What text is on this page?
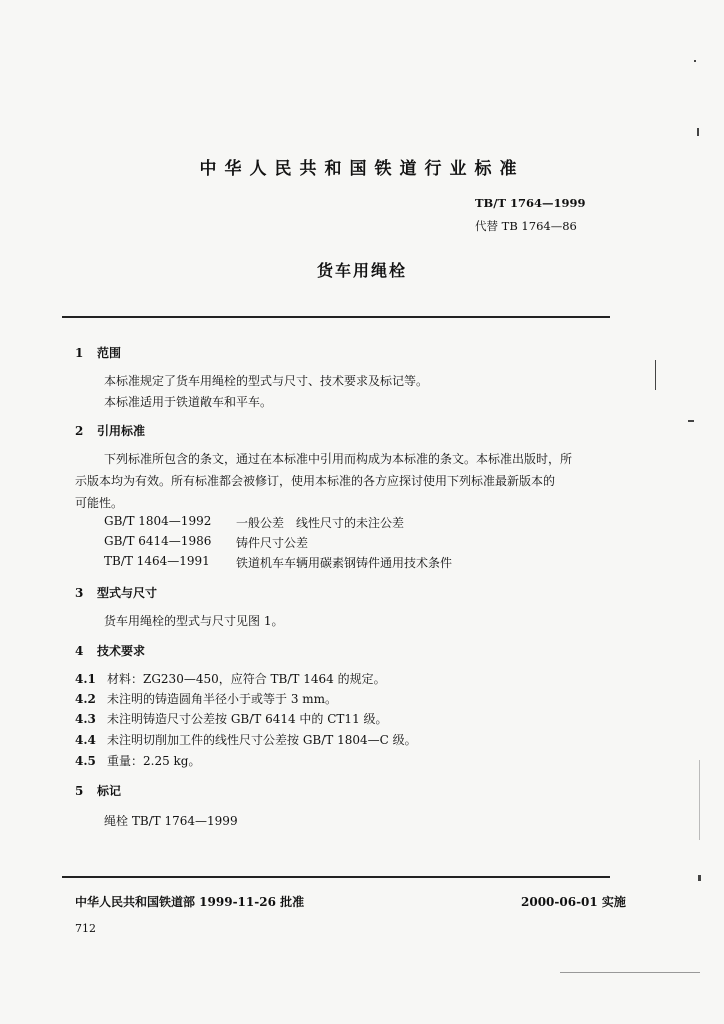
中华人民共和国铁道行业标准
TB/T 1764—1999
代替 TB 1764—86
货车用绳栓
1 范围
本标准规定了货车用绳栓的型式与尺寸、技术要求及标记等。
本标准适用于铁道敞车和平车。
2 引用标准
下列标准所包含的条文，通过在本标准中引用而构成为本标准的条文。本标准出版时，所
示版本均为有效。所有标准都会被修订，使用本标准的各方应探讨使用下列标准最新版本的
可能性。
GB/T 1804—1992 一般公差　线性尺寸的未注公差
GB/T 6414—1986 铸件尺寸公差
TB/T 1464—1991 铁道机车车辆用碳素钢铸件通用技术条件
3 型式与尺寸
货车用绳栓的型式与尺寸见图 1。
4 技术要求
4.1 材料：ZG230—450，应符合 TB/T 1464 的规定。
4.2 未注明的铸造圆角半径小于或等于 3 mm。
4.3 未注明铸造尺寸公差按 GB/T 6414 中的 CT11 级。
4.4 未注明切削加工件的线性尺寸公差按 GB/T 1804—C 级。
4.5 重量：2.25 kg。
5 标记
绳栓 TB/T 1764—1999
中华人民共和国铁道部 1999-11-26 批准	2000-06-01 实施
712
